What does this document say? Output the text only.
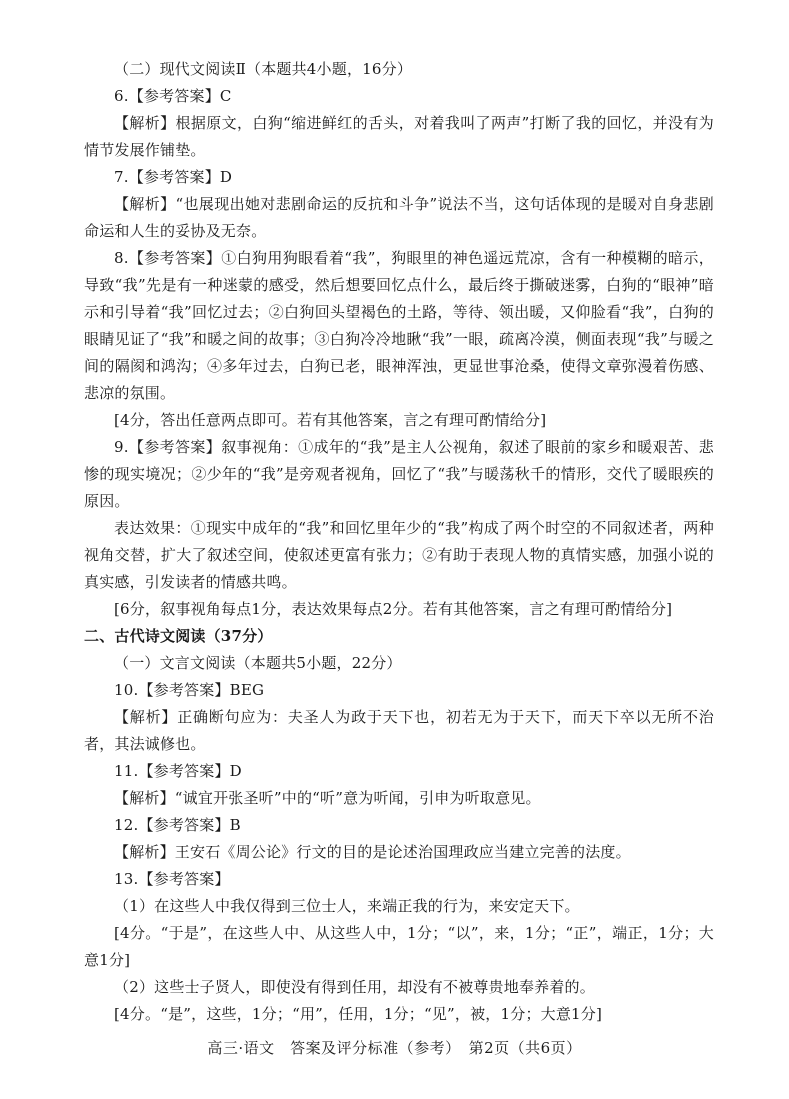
（二）现代文阅读Ⅱ（本题共4小题，16分）

6.【参考答案】C

【解析】根据原文，白狗“缩进鲜红的舌头，对着我叫了两声”打断了我的回忆，并没有为情节发展作铺垫。

7.【参考答案】D

【解析】“也展现出她对悲剧命运的反抗和斗争”说法不当，这句话体现的是暖对自身悲剧命运和人生的妥协及无奈。

8.【参考答案】①白狗用狗眼看着“我”，狗眼里的神色遥远荒凉，含有一种模糊的暗示，导致“我”先是有一种迷蒙的感受，然后想要回忆点什么，最后终于撕破迷雾，白狗的“眼神”暗示和引导着“我”回忆过去；②白狗回头望褐色的土路，等待、领出暖，又仰脸看“我”，白狗的眼睛见证了“我”和暖之间的故事；③白狗冷冷地瞅“我”一眼，疏离冷漠，侧面表现“我”与暖之间的隔阂和鸿沟；④多年过去，白狗已老，眼神浑浊，更显世事沧桑，使得文章弥漫着伤感、悲凉的氛围。

[4分，答出任意两点即可。若有其他答案，言之有理可酌情给分]

9.【参考答案】叙事视角：①成年的“我”是主人公视角，叙述了眼前的家乡和暖艰苦、悲惨的现实境况；②少年的“我”是旁观者视角，回忆了“我”与暖荡秋千的情形，交代了暖眼疾的原因。

表达效果：①现实中成年的“我”和回忆里年少的“我”构成了两个时空的不同叙述者，两种视角交替，扩大了叙述空间，使叙述更富有张力；②有助于表现人物的真情实感，加强小说的真实感，引发读者的情感共鸣。

[6分，叙事视角每点1分，表达效果每点2分。若有其他答案，言之有理可酌情给分]

二、古代诗文阅读（37分）

（一）文言文阅读（本题共5小题，22分）

10.【参考答案】BEG

【解析】正确断句应为：夫圣人为政于天下也，初若无为于天下，而天下卒以无所不治者，其法诚修也。

11.【参考答案】D

【解析】“诚宜开张圣听”中的“听”意为听闻，引申为听取意见。

12.【参考答案】B

【解析】王安石《周公论》行文的目的是论述治国理政应当建立完善的法度。

13.【参考答案】

（1）在这些人中我仅得到三位士人，来端正我的行为，来安定天下。

[4分。“于是”，在这些人中、从这些人中，1分；“以”，来，1分；“正”，端正，1分；大意1分]

（2）这些士子贤人，即使没有得到任用，却没有不被尊贵地奉养着的。

[4分。“是”，这些，1分；“用”，任用，1分；“见”，被，1分；大意1分]

高三·语文　答案及评分标准（参考）　第2页（共6页）
